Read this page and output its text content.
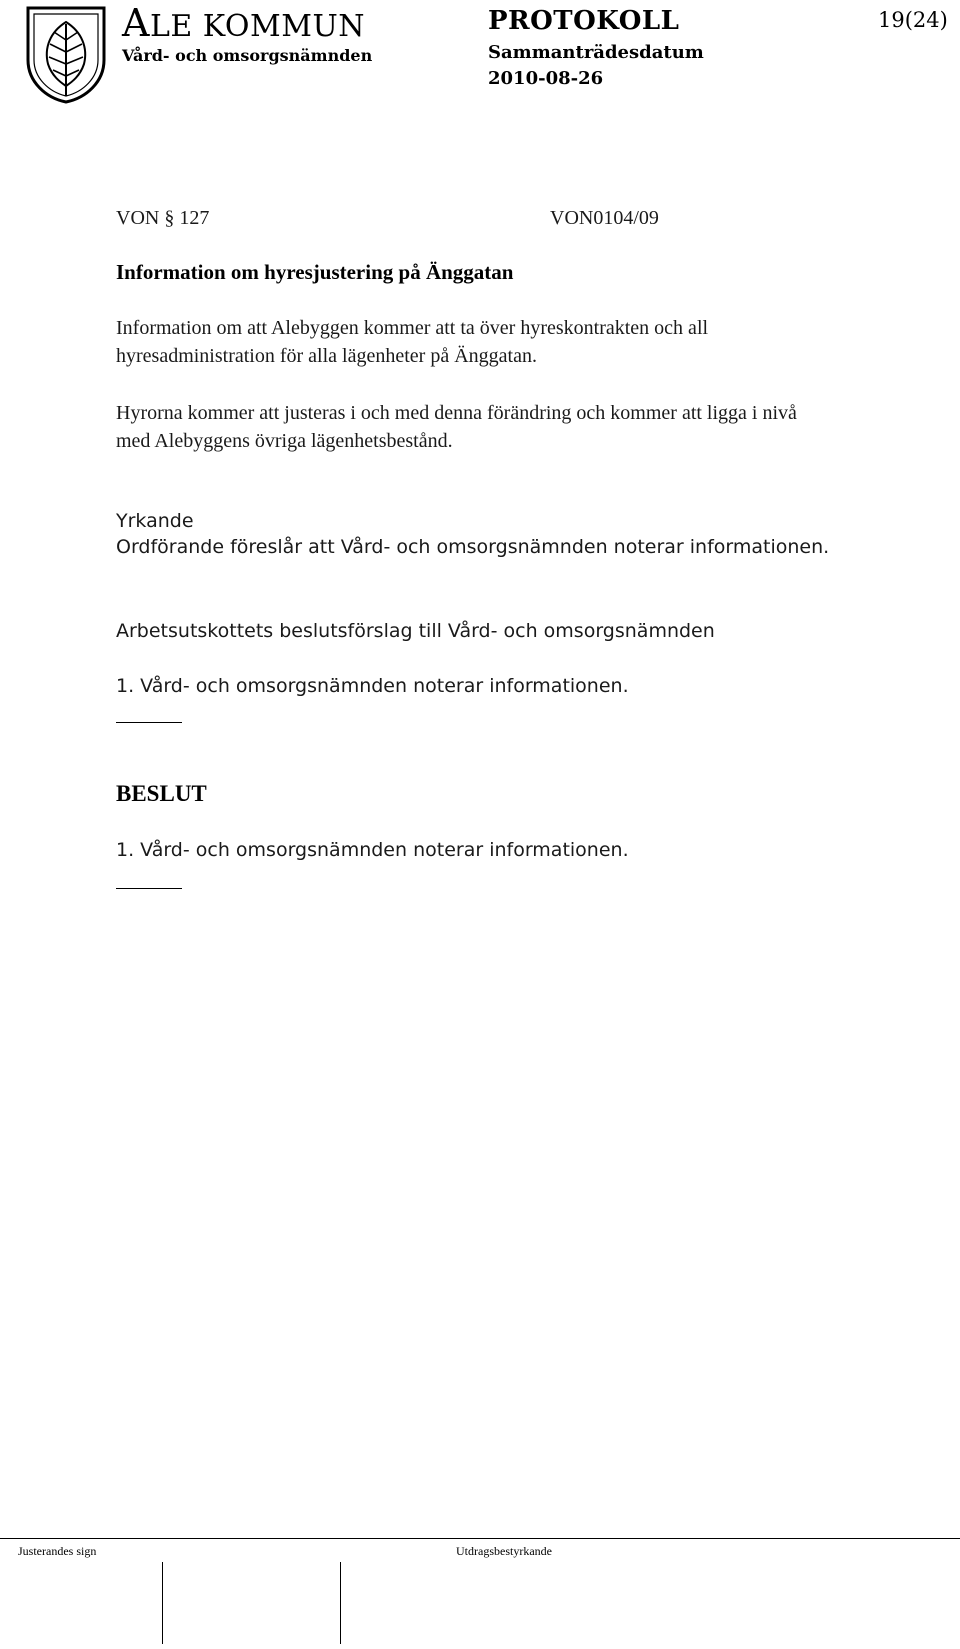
ALE KOMMUN
Vård- och omsorgsnämnden
PROTOKOLL
Sammanträdesdatum
2010-08-26
19(24)
VON § 127	VON0104/09
Information om hyresjustering på Änggatan
Information om att Alebyggen kommer att ta över hyreskontrakten och all
hyresadministration för alla lägenheter på Änggatan.
Hyrorna kommer att justeras i och med denna förändring och kommer att ligga i nivå
med Alebyggens övriga lägenhetsbestånd.
Yrkande
Ordförande föreslår att Vård- och omsorgsnämnden noterar informationen.
Arbetsutskottets beslutsförslag till Vård- och omsorgsnämnden
1. Vård- och omsorgsnämnden noterar informationen.
BESLUT
1. Vård- och omsorgsnämnden noterar informationen.
Justerandes sign	Utdragsbestyrkande
